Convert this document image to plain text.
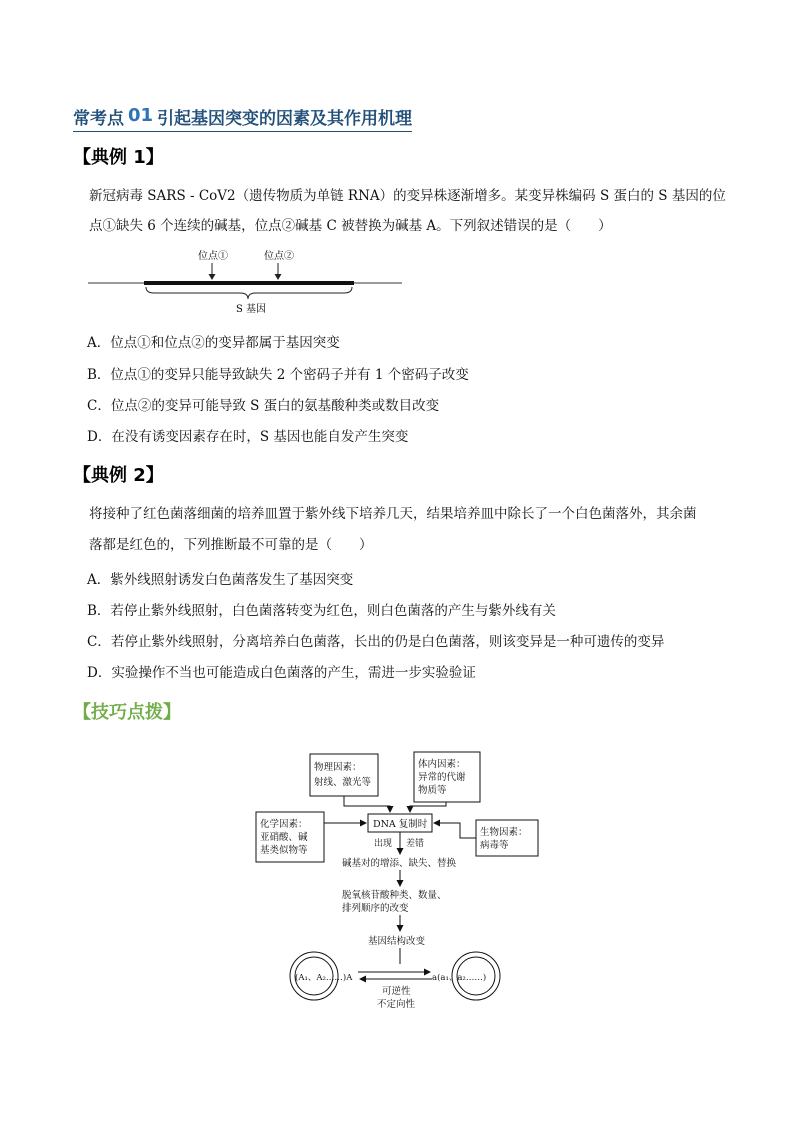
常考点 01 引起基因突变的因素及其作用机理
【典例 1】
新冠病毒 SARS - CoV2（遗传物质为单链 RNA）的变异株逐渐增多。某变异株编码 S 蛋白的 S 基因的位
点①缺失 6 个连续的碱基，位点②碱基 C 被替换为碱基 A。下列叙述错误的是（　　）
位点①	位点②
S 基因
A．位点①和位点②的变异都属于基因突变
B．位点①的变异只能导致缺失 2 个密码子并有 1 个密码子改变
C．位点②的变异可能导致 S 蛋白的氨基酸种类或数目改变
D．在没有诱变因素存在时，S 基因也能自发产生突变
【典例 2】
将接种了红色菌落细菌的培养皿置于紫外线下培养几天，结果培养皿中除长了一个白色菌落外，其余菌
落都是红色的，下列推断最不可靠的是（　　）
A．紫外线照射诱发白色菌落发生了基因突变
B．若停止紫外线照射，白色菌落转变为红色，则白色菌落的产生与紫外线有关
C．若停止紫外线照射，分离培养白色菌落，长出的仍是白色菌落，则该变异是一种可遗传的变异
D．实验操作不当也可能造成白色菌落的产生，需进一步实验验证
【技巧点拨】
物理因素：
射线、激光等
体内因素：
异常的代谢
物质等
化学因素：
亚硝酸、碱
基类似物等
生物因素：
病毒等
DNA 复制时
出现 差错
碱基对的增添、缺失、替换
脱氧核苷酸种类、数量、
排列顺序的改变
基因结构改变
(A₁、A₂……)A	a(a₁、a₂……)
可逆性
不定向性
